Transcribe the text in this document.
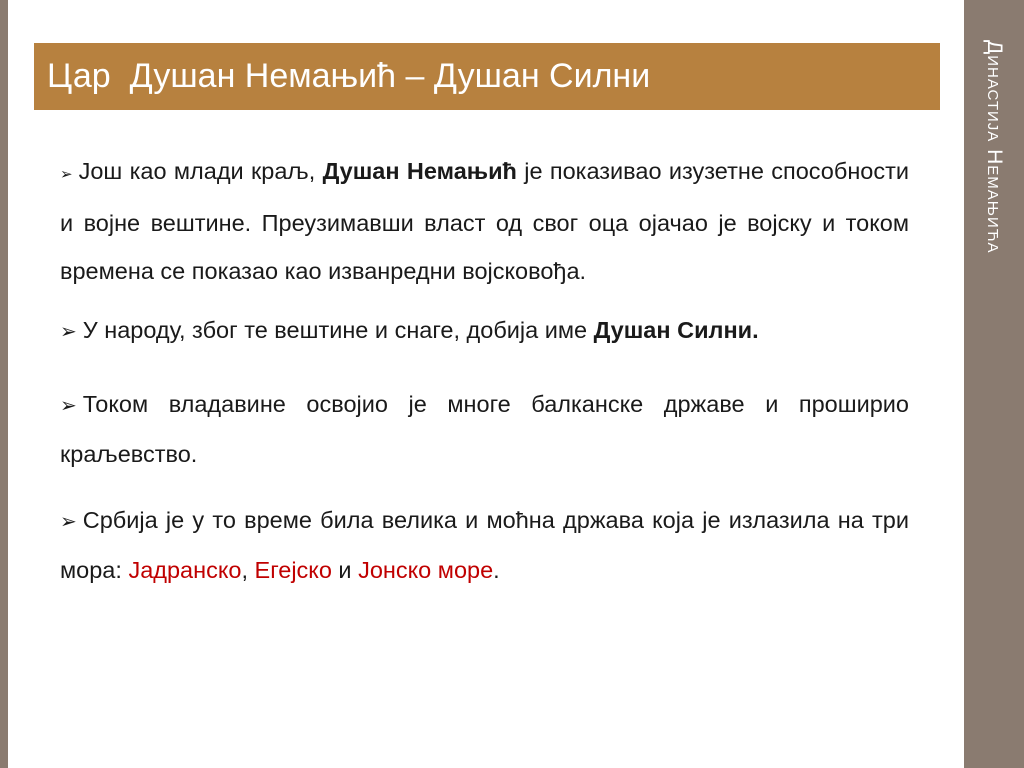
Династија Немањића
Цар  Душан Немањић – Душан Силни

➢ Још као млади краљ, Душан Немањић је показивао изузетне способности и војне вештине. Преузимавши власт од свог оца ојачао је војску и током времена се показао као изванредни војсковођа.

➢ У народу, због те вештине и снаге, добија име Душан Силни.

➢ Током владавине освојио је многе балканске државе и проширио краљевство.

➢ Србија је у то време била велика и моћна држава која је излазила на три мора: Јадранско, Егејско и Јонско море.
